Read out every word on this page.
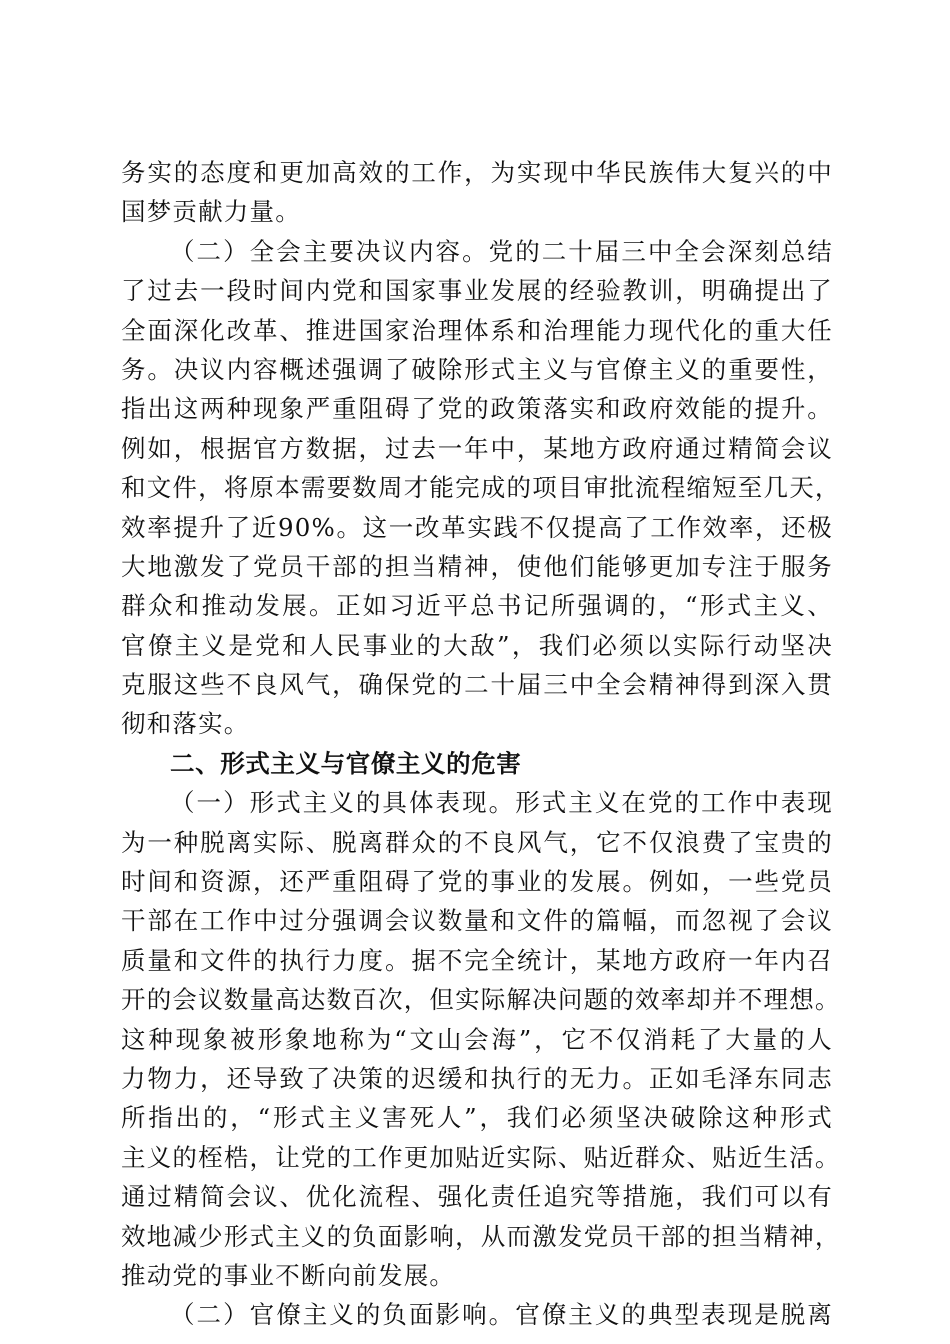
务实的态度和更加高效的工作，为实现中华民族伟大复兴的中
国梦贡献力量。
（二）全会主要决议内容。党的二十届三中全会深刻总结
了过去一段时间内党和国家事业发展的经验教训，明确提出了
全面深化改革、推进国家治理体系和治理能力现代化的重大任
务。决议内容概述强调了破除形式主义与官僚主义的重要性，
指出这两种现象严重阻碍了党的政策落实和政府效能的提升。
例如，根据官方数据，过去一年中，某地方政府通过精简会议
和文件，将原本需要数周才能完成的项目审批流程缩短至几天，
效率提升了近90%。这一改革实践不仅提高了工作效率，还极
大地激发了党员干部的担当精神，使他们能够更加专注于服务
群众和推动发展。正如习近平总书记所强调的，“形式主义、
官僚主义是党和人民事业的大敌”，我们必须以实际行动坚决
克服这些不良风气，确保党的二十届三中全会精神得到深入贯
彻和落实。
二、形式主义与官僚主义的危害
（一）形式主义的具体表现。形式主义在党的工作中表现
为一种脱离实际、脱离群众的不良风气，它不仅浪费了宝贵的
时间和资源，还严重阻碍了党的事业的发展。例如，一些党员
干部在工作中过分强调会议数量和文件的篇幅，而忽视了会议
质量和文件的执行力度。据不完全统计，某地方政府一年内召
开的会议数量高达数百次，但实际解决问题的效率却并不理想。
这种现象被形象地称为“文山会海”，它不仅消耗了大量的人
力物力，还导致了决策的迟缓和执行的无力。正如毛泽东同志
所指出的，“形式主义害死人”，我们必须坚决破除这种形式
主义的桎梏，让党的工作更加贴近实际、贴近群众、贴近生活。
通过精简会议、优化流程、强化责任追究等措施，我们可以有
效地减少形式主义的负面影响，从而激发党员干部的担当精神，
推动党的事业不断向前发展。
（二）官僚主义的负面影响。官僚主义的典型表现是脱离
